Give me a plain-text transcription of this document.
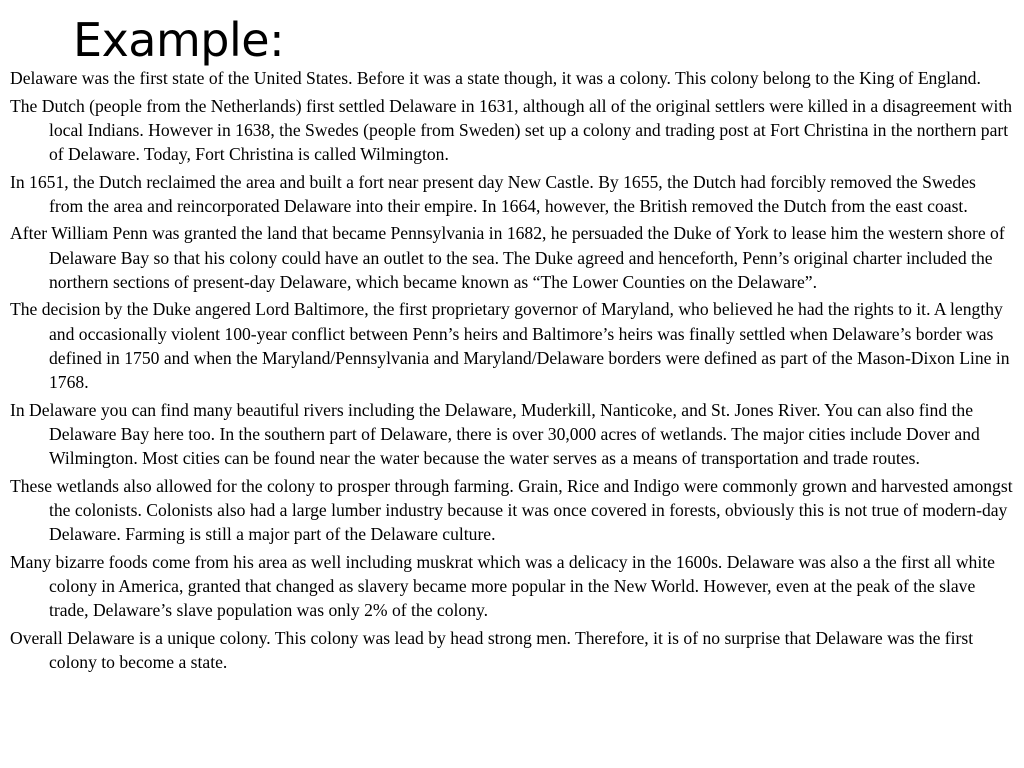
Example:

Delaware was the first state of the United States. Before it was a state though, it was a colony. This colony belong to the King of England.

The Dutch (people from the Netherlands) first settled Delaware in 1631, although all of the original settlers were killed in a disagreement with local Indians. However in 1638, the Swedes (people from Sweden) set up a colony and trading post at Fort Christina in the northern part of Delaware. Today, Fort Christina is called Wilmington.

In 1651, the Dutch reclaimed the area and built a fort near present day New Castle. By 1655, the Dutch had forcibly removed the Swedes from the area and reincorporated Delaware into their empire. In 1664, however, the British removed the Dutch from the east coast.

After William Penn was granted the land that became Pennsylvania in 1682, he persuaded the Duke of York to lease him the western shore of Delaware Bay so that his colony could have an outlet to the sea. The Duke agreed and henceforth, Penn’s original charter included the northern sections of present-day Delaware, which became known as “The Lower Counties on the Delaware”.

The decision by the Duke angered Lord Baltimore, the first proprietary governor of Maryland, who believed he had the rights to it. A lengthy and occasionally violent 100-year conflict between Penn’s heirs and Baltimore’s heirs was finally settled when Delaware’s border was defined in 1750 and when the Maryland/Pennsylvania and Maryland/Delaware borders were defined as part of the Mason-Dixon Line in 1768.

In Delaware you can find many beautiful rivers including the Delaware, Muderkill, Nanticoke, and St. Jones River. You can also find the Delaware Bay here too. In the southern part of Delaware, there is over 30,000 acres of wetlands. The major cities include Dover and Wilmington. Most cities can be found near the water because the water serves as a means of transportation and trade routes.

These wetlands also allowed for the colony to prosper through farming. Grain, Rice and Indigo were commonly grown and harvested amongst the colonists. Colonists also had a large lumber industry because it was once covered in forests, obviously this is not true of modern-day Delaware. Farming is still a major part of the Delaware culture.

Many bizarre foods come from his area as well including muskrat which was a delicacy in the 1600s. Delaware was also a the first all white colony in America, granted that changed as slavery became more popular in the New World. However, even at the peak of the slave trade, Delaware’s slave population was only 2% of the colony.

Overall Delaware is a unique colony. This colony was lead by head strong men. Therefore, it is of no surprise that Delaware was the first colony to become a state.
